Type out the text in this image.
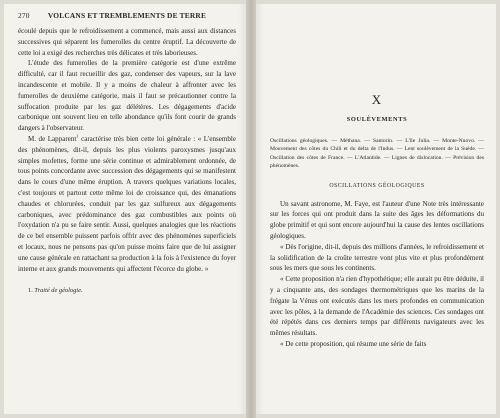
270	VOLCANS ET TREMBLEMENTS DE TERRE

écoulé depuis que le refroidissement a commencé, mais aussi aux distances successives qui séparent les fumerolles du centre éruptif. La découverte de cette loi a exigé des recherches très délicates et très laborieuses.

L'étude des fumerolles de la première catégorie est d'une extrême difficulté, car il faut recueillir des gaz, condenser des vapeurs, sur la lave incandescente et mobile. Il y a moins de chaleur à affronter avec les fumerolles de deuxième catégorie, mais il faut se précautionner contre la suffocation produite par les gaz délétères. Les dégagements d'acide carbonique ont souvent lieu en telle abondance qu'ils font courir de grands dangers à l'observateur.

M. de Lapparent$^1$ caractérise très bien cette loi générale : « L'ensemble des phénomènes, dit-il, depuis les plus violents paroxysmes jusqu'aux simples mofettes, forme une série continue et admirablement ordonnée, de tous points concordante avec succession des dégagements qui se manifestent dans le cours d'une même éruption. A travers quelques variations locales, c'est toujours et partout cette même loi de croissance qui, des émanations chaudes et chlorurées, conduit par les gaz sulfureux aux dégagements carboniques, avec prédominance des gaz combustibles aux points où l'oxydation n'a pu se faire sentir. Aussi, quelques analogies que les réactions de ce bel ensemble puissent parfois offrir avec des phénomènes superficiels et locaux, nous ne pensons pas qu'on puisse moins faire que de lui assigner une cause générale en rattachant sa production à la fois à l'existence du foyer interne et aux grands mouvements qui affectent l'écorce du globe. »

1. Traité de géologie.
X
SOULÈVEMENTS
Oscillations géologiques. — Méthana. — Santorin. — L'île Julia. — Monte-Nuovo. — Mouvement des côtes du Chili et du delta de l'Indus. — Lent soulèvement de la Suède. — Oscillation des côtes de France. — L'Atlantide. — Lignes de dislocation. — Prévision des phénomènes.
OSCILLATIONS GÉOLOGIQUES

Un savant astronome, M. Faye, est l'auteur d'une Note très intéressante sur les forces qui ont produit dans la suite des âges les déformations du globe primitif et qui sont encore aujourd'hui la cause des lentes oscillations géologiques.

« Dès l'origine, dit-il, depuis des millions d'années, le refroidissement et la solidification de la croûte terrestre vont plus vite et plus profondément sous les mers que sous les continents.

« Cette proposition n'a rien d'hypothétique; elle aurait pu être déduite, il y a cinquante ans, des sondages thermométriques que les marins de la frégate la Vénus ont exécutés dans les mers profondes en communication avec les pôles, à la demande de l'Académie des sciences. Ces sondages ont été répétés dans ces derniers temps par différents navigateurs avec les mêmes résultats.

« De cette proposition, qui résume une série de faits
